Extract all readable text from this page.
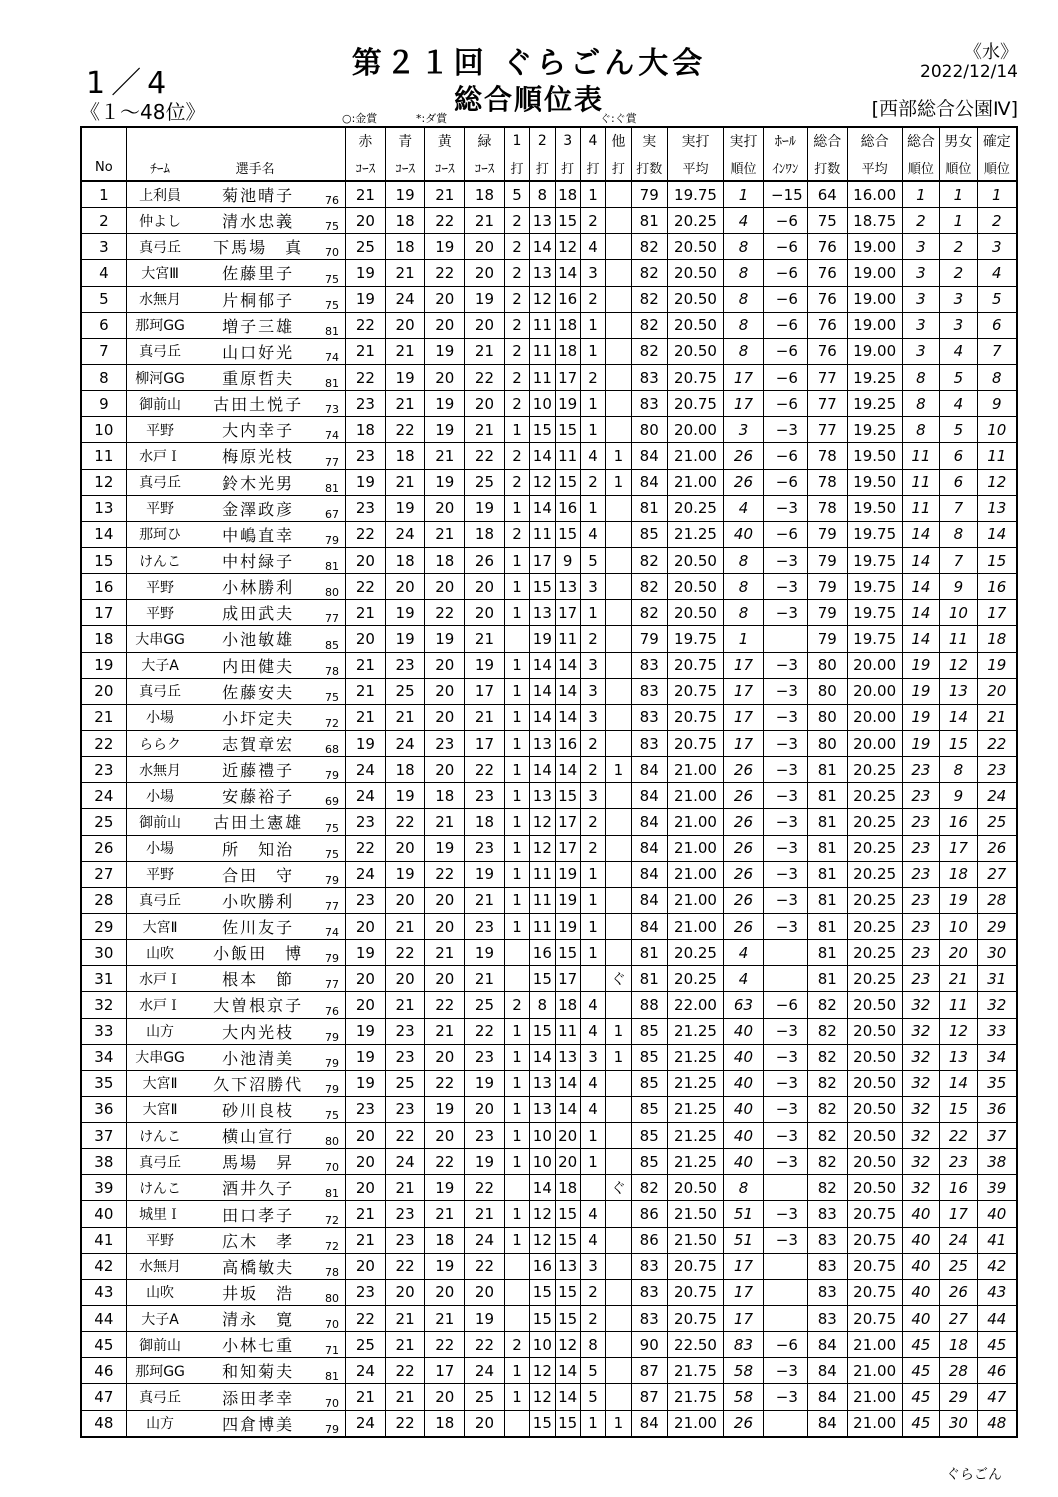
1／4
《１～48位》
第２１回 ぐらごん大会
総合順位表
《水》
2022/12/14
[西部総合公園Ⅳ]
○:金賞	*:ダ賞	ぐ:ぐ賞
				赤	青	黄	緑	1	2	3	4	他	実	実打	実打	ﾎｰﾙ	総合	総合	総合	男女	確定
No	ﾁｰﾑ	選手名		ｺｰｽ	ｺｰｽ	ｺｰｽ	ｺｰｽ	打	打	打	打	打	打数	平均	順位	ｲﾝﾜﾝ	打数	平均	順位	順位	順位
1	上利員	菊池晴子	76	21	19	21	18	5	8	18	1		79	19.75	1	−15	64	16.00	1	1	1
2	仲よし	清水忠義	75	20	18	22	21	2	13	15	2		81	20.25	4	−6	75	18.75	2	1	2
3	真弓丘	下馬場　真	70	25	18	19	20	2	14	12	4		82	20.50	8	−6	76	19.00	3	2	3
4	大宮Ⅲ	佐藤里子	75	19	21	22	20	2	13	14	3		82	20.50	8	−6	76	19.00	3	2	4
5	水無月	片桐郁子	75	19	24	20	19	2	12	16	2		82	20.50	8	−6	76	19.00	3	3	5
6	那珂GG	増子三雄	81	22	20	20	20	2	11	18	1		82	20.50	8	−6	76	19.00	3	3	6
7	真弓丘	山口好光	74	21	21	19	21	2	11	18	1		82	20.50	8	−6	76	19.00	3	4	7
8	柳河GG	重原哲夫	81	22	19	20	22	2	11	17	2		83	20.75	17	−6	77	19.25	8	5	8
9	御前山	古田土悦子	73	23	21	19	20	2	10	19	1		83	20.75	17	−6	77	19.25	8	4	9
10	平野	大内幸子	74	18	22	19	21	1	15	15	1		80	20.00	3	−3	77	19.25	8	5	10
11	水戸Ｉ	梅原光枝	77	23	18	21	22	2	14	11	4	1	84	21.00	26	−6	78	19.50	11	6	11
12	真弓丘	鈴木光男	81	19	21	19	25	2	12	15	2	1	84	21.00	26	−6	78	19.50	11	6	12
13	平野	金澤政彦	67	23	19	20	19	1	14	16	1		81	20.25	4	−3	78	19.50	11	7	13
14	那珂ひ	中嶋直幸	79	22	24	21	18	2	11	15	4		85	21.25	40	−6	79	19.75	14	8	14
15	けんこ	中村緑子	81	20	18	18	26	1	17	9	5		82	20.50	8	−3	79	19.75	14	7	15
16	平野	小林勝利	80	22	20	20	20	1	15	13	3		82	20.50	8	−3	79	19.75	14	9	16
17	平野	成田武夫	77	21	19	22	20	1	13	17	1		82	20.50	8	−3	79	19.75	14	10	17
18	大串GG	小池敏雄	85	20	19	19	21		19	11	2		79	19.75	1		79	19.75	14	11	18
19	大子A	内田健夫	78	21	23	20	19	1	14	14	3		83	20.75	17	−3	80	20.00	19	12	19
20	真弓丘	佐藤安夫	75	21	25	20	17	1	14	14	3		83	20.75	17	−3	80	20.00	19	13	20
21	小場	小圷定夫	72	21	21	20	21	1	14	14	3		83	20.75	17	−3	80	20.00	19	14	21
22	ららク	志賀章宏	68	19	24	23	17	1	13	16	2		83	20.75	17	−3	80	20.00	19	15	22
23	水無月	近藤禮子	79	24	18	20	22	1	14	14	2	1	84	21.00	26	−3	81	20.25	23	8	23
24	小場	安藤裕子	69	24	19	18	23	1	13	15	3		84	21.00	26	−3	81	20.25	23	9	24
25	御前山	古田土憲雄	75	23	22	21	18	1	12	17	2		84	21.00	26	−3	81	20.25	23	16	25
26	小場	所　知治	75	22	20	19	23	1	12	17	2		84	21.00	26	−3	81	20.25	23	17	26
27	平野	合田　守	79	24	19	22	19	1	11	19	1		84	21.00	26	−3	81	20.25	23	18	27
28	真弓丘	小吹勝利	77	23	20	20	21	1	11	19	1		84	21.00	26	−3	81	20.25	23	19	28
29	大宮Ⅱ	佐川友子	74	20	21	20	23	1	11	19	1		84	21.00	26	−3	81	20.25	23	10	29
30	山吹	小飯田　博	79	19	22	21	19		16	15	1		81	20.25	4		81	20.25	23	20	30
31	水戸Ｉ	根本　節	77	20	20	20	21		15	17		ぐ	81	20.25	4		81	20.25	23	21	31
32	水戸Ｉ	大曽根京子	76	20	21	22	25	2	8	18	4		88	22.00	63	−6	82	20.50	32	11	32
33	山方	大内光枝	79	19	23	21	22	1	15	11	4	1	85	21.25	40	−3	82	20.50	32	12	33
34	大串GG	小池清美	79	19	23	20	23	1	14	13	3	1	85	21.25	40	−3	82	20.50	32	13	34
35	大宮Ⅱ	久下沼勝代	79	19	25	22	19	1	13	14	4		85	21.25	40	−3	82	20.50	32	14	35
36	大宮Ⅱ	砂川良枝	75	23	23	19	20	1	13	14	4		85	21.25	40	−3	82	20.50	32	15	36
37	けんこ	横山宣行	80	20	22	20	23	1	10	20	1		85	21.25	40	−3	82	20.50	32	22	37
38	真弓丘	馬場　昇	70	20	24	22	19	1	10	20	1		85	21.25	40	−3	82	20.50	32	23	38
39	けんこ	酒井久子	81	20	21	19	22		14	18		ぐ	82	20.50	8		82	20.50	32	16	39
40	城里Ｉ	田口孝子	72	21	23	21	21	1	12	15	4		86	21.50	51	−3	83	20.75	40	17	40
41	平野	広木　孝	72	21	23	18	24	1	12	15	4		86	21.50	51	−3	83	20.75	40	24	41
42	水無月	高橋敏夫	78	20	22	19	22		16	13	3		83	20.75	17		83	20.75	40	25	42
43	山吹	井坂　浩	80	23	20	20	20		15	15	2		83	20.75	17		83	20.75	40	26	43
44	大子A	清永　寛	70	22	21	21	19		15	15	2		83	20.75	17		83	20.75	40	27	44
45	御前山	小林七重	71	25	21	22	22	2	10	12	8		90	22.50	83	−6	84	21.00	45	18	45
46	那珂GG	和知菊夫	81	24	22	17	24	1	12	14	5		87	21.75	58	−3	84	21.00	45	28	46
47	真弓丘	添田孝幸	70	21	21	20	25	1	12	14	5		87	21.75	58	−3	84	21.00	45	29	47
48	山方	四倉博美	79	24	22	18	20		15	15	1	1	84	21.00	26		84	21.00	45	30	48
ぐらごん
